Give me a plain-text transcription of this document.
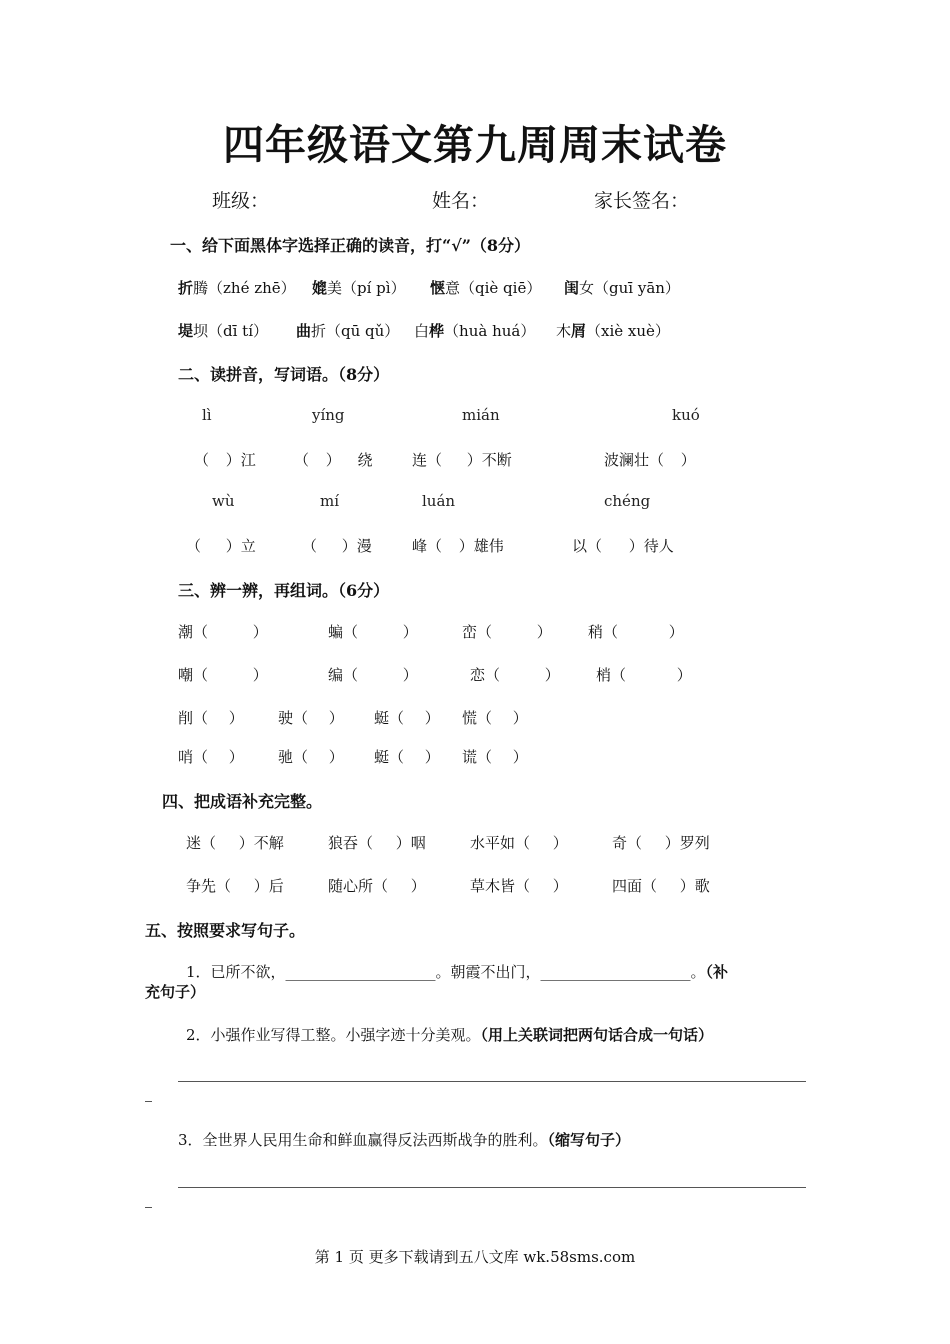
四年级语文第九周周末试卷
班级：	姓名：	家长签名：
一、给下面黑体字选择正确的读音，打“√”（8分）
折腾（zhé zhē） 媲美（pí pì） 惬意（qiè qiē） 闺女（guī yān）
堤坝（dī tí） 曲折（qū qǔ） 白桦（huà huá） 木屑（xiè xuè）
二、读拼音，写词语。（8分）
lì	yíng	mián	kuó
（ ）江	（ ） 绕	连（ ）不断	波澜壮（ ）
wù	mí	luán	chéng
（ ）立	（ ）漫	峰（ ）雄伟	以（ ）待人
三、辨一辨，再组词。（6分）
潮（ ）	蝙（ ）	峦（ ） 稍（ ）
嘲（ ）	编（ ）	恋（ ） 梢（ ）
削（ ） 驶（ ） 蜓（ ） 慌（ ）
哨（ ） 驰（ ） 蜓（ ） 谎（ ）
四、把成语补充完整。
迷（ ）不解	狼吞（ ）咽	水平如（ ）	奇（ ）罗列
争先（ ）后	随心所（ ）	草木皆（ ）	四面（ ）歌
五、按照要求写句子。
1．已所不欲，____________________。朝霞不出门，____________________。（补
充句子）
2．小强作业写得工整。小强字迹十分美观。（用上关联词把两句话合成一句话）
3．全世界人民用生命和鲜血赢得反法西斯战争的胜利。（缩写句子）
第 1 页 更多下载请到五八文库 wk.58sms.com
